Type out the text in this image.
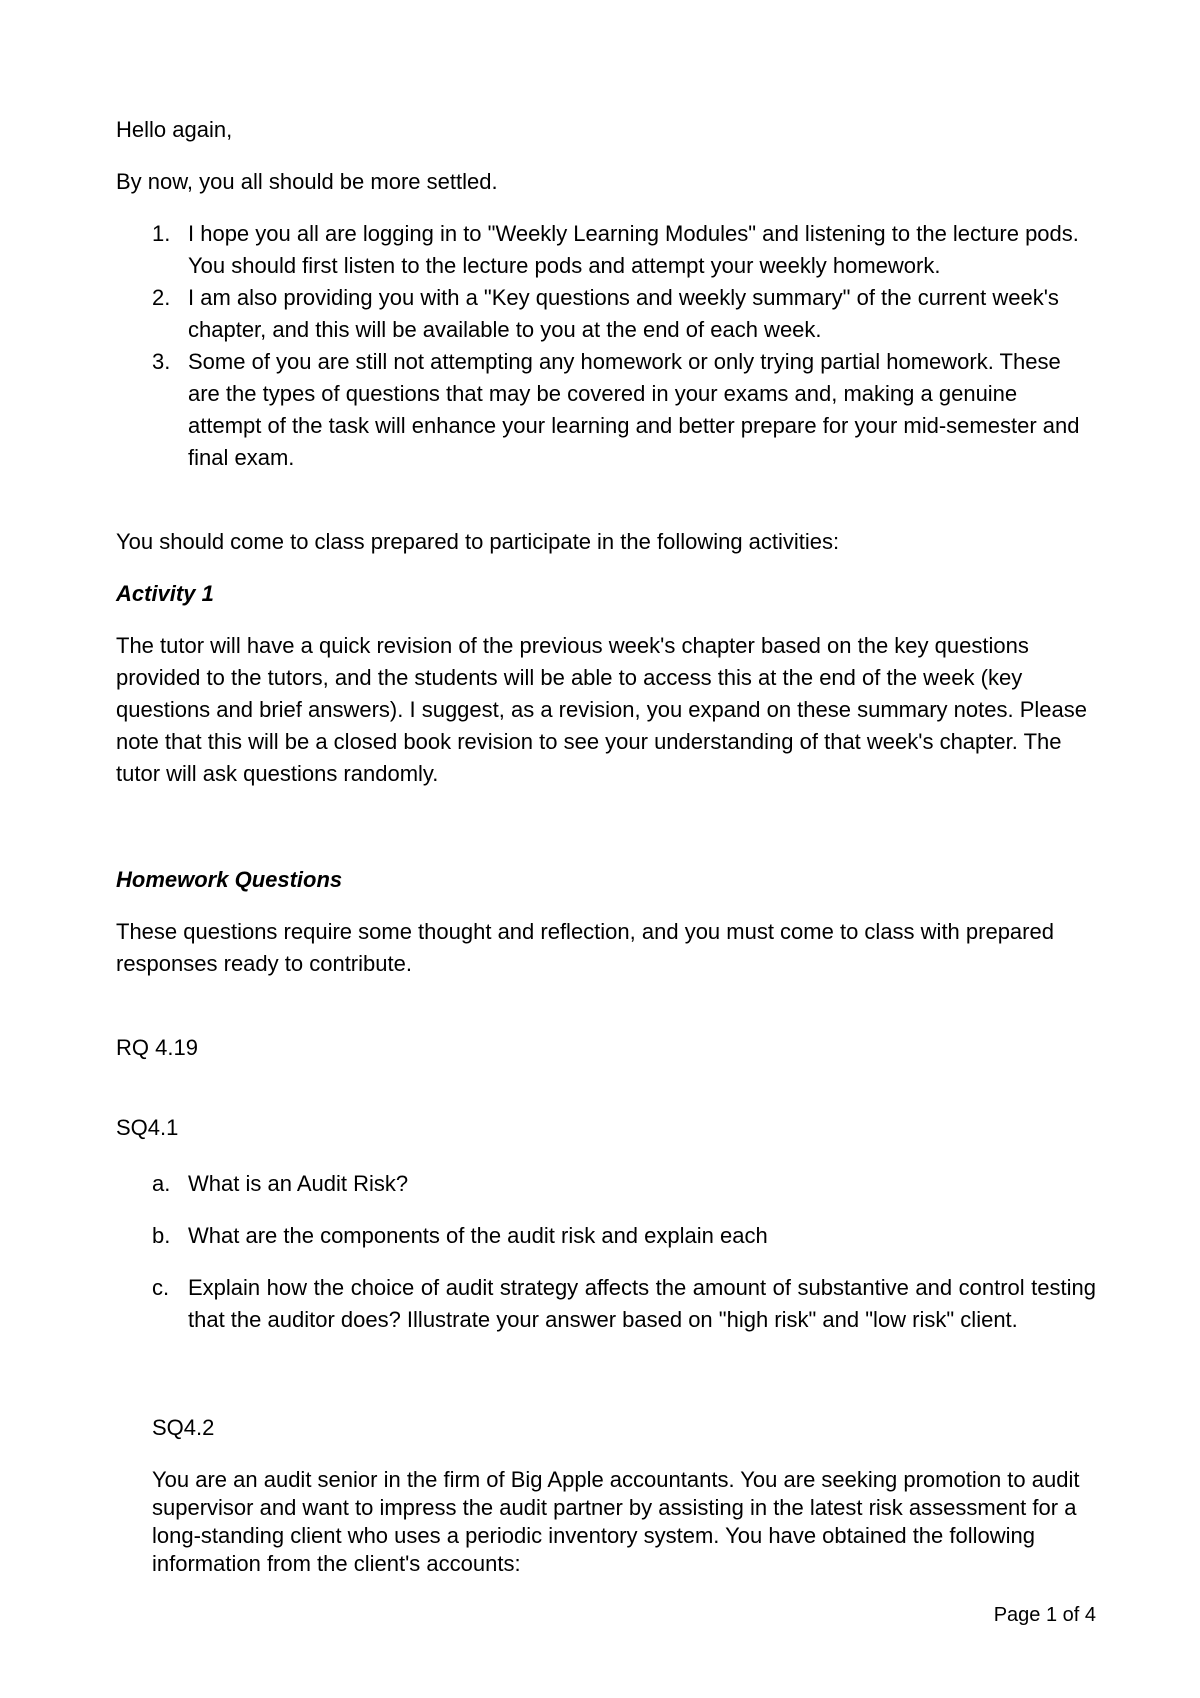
Hello again,

By now, you all should be more settled.

1. I hope you all are logging in to "Weekly Learning Modules" and listening to the lecture pods. You should first listen to the lecture pods and attempt your weekly homework.
2. I am also providing you with a "Key questions and weekly summary" of the current week's chapter, and this will be available to you at the end of each week.
3. Some of you are still not attempting any homework or only trying partial homework. These are the types of questions that may be covered in your exams and, making a genuine attempt of the task will enhance your learning and better prepare for your mid-semester and final exam.

You should come to class prepared to participate in the following activities:

Activity 1

The tutor will have a quick revision of the previous week's chapter based on the key questions provided to the tutors, and the students will be able to access this at the end of the week (key questions and brief answers). I suggest, as a revision, you expand on these summary notes. Please note that this will be a closed book revision to see your understanding of that week's chapter. The tutor will ask questions randomly.

Homework Questions

These questions require some thought and reflection, and you must come to class with prepared responses ready to contribute.

RQ 4.19

SQ4.1

a. What is an Audit Risk?
b. What are the components of the audit risk and explain each
c. Explain how the choice of audit strategy affects the amount of substantive and control testing that the auditor does? Illustrate your answer based on "high risk" and "low risk" client.

SQ4.2

You are an audit senior in the firm of Big Apple accountants. You are seeking promotion to audit supervisor and want to impress the audit partner by assisting in the latest risk assessment for a long-standing client who uses a periodic inventory system. You have obtained the following information from the client's accounts:

Page 1 of 4
